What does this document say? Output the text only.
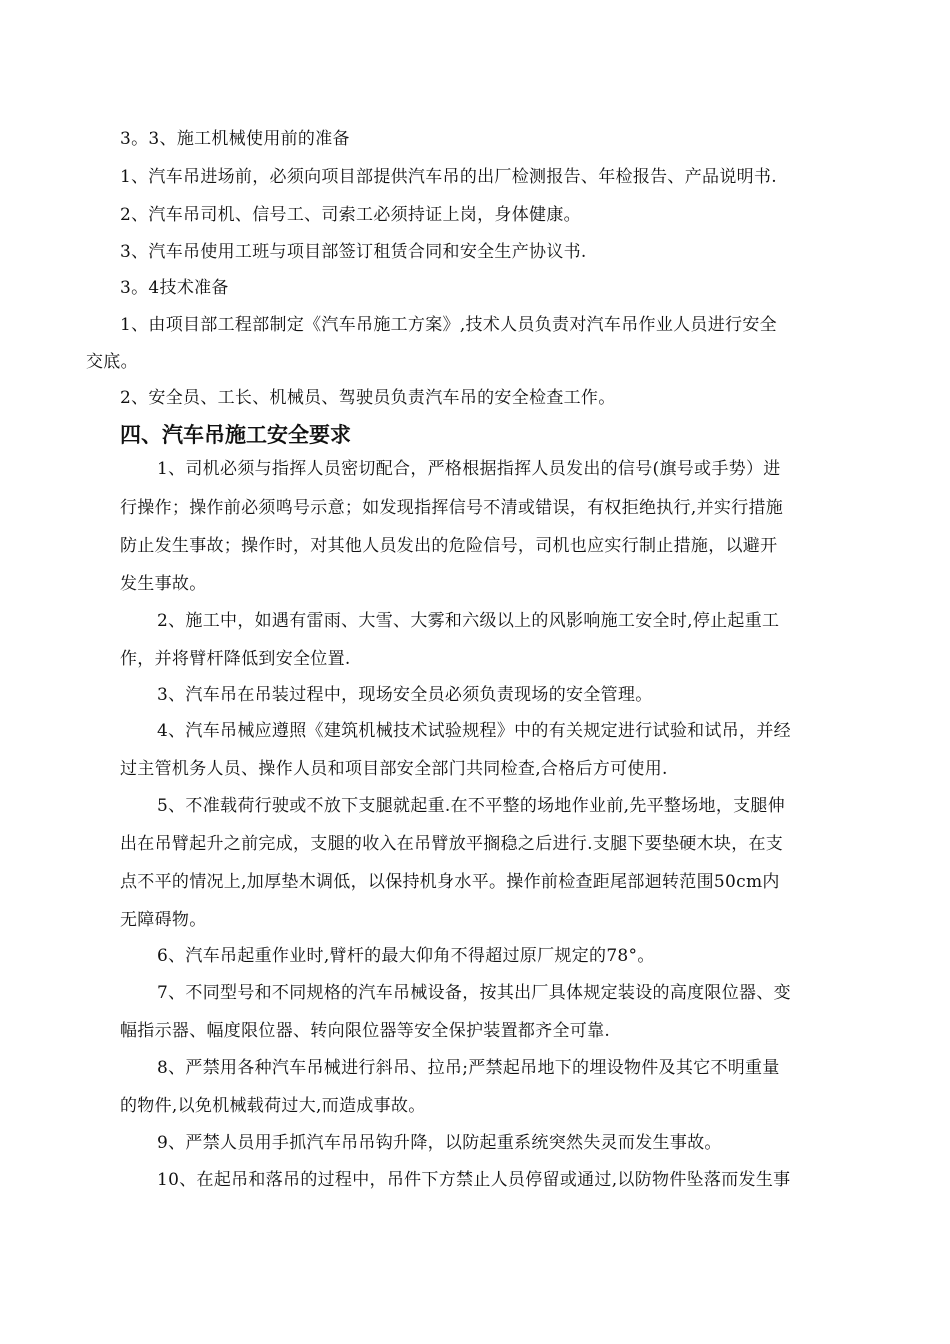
3。3、施工机械使用前的准备
1、汽车吊进场前，必须向项目部提供汽车吊的出厂检测报告、年检报告、产品说明书.
2、汽车吊司机、信号工、司索工必须持证上岗，身体健康。
3、汽车吊使用工班与项目部签订租赁合同和安全生产协议书.
3。4技术准备
1、由项目部工程部制定《汽车吊施工方案》,技术人员负责对汽车吊作业人员进行安全
交底。
2、安全员、工长、机械员、驾驶员负责汽车吊的安全检查工作。
四、汽车吊施工安全要求
1、司机必须与指挥人员密切配合，严格根据指挥人员发出的信号(旗号或手势）进
行操作；操作前必须鸣号示意；如发现指挥信号不清或错误，有权拒绝执行,并实行措施
防止发生事故；操作时，对其他人员发出的危险信号，司机也应实行制止措施，以避开
发生事故。
2、施工中，如遇有雷雨、大雪、大雾和六级以上的风影响施工安全时,停止起重工
作，并将臂杆降低到安全位置.
3、汽车吊在吊装过程中，现场安全员必须负责现场的安全管理。
4、汽车吊械应遵照《建筑机械技术试验规程》中的有关规定进行试验和试吊，并经
过主管机务人员、操作人员和项目部安全部门共同检查,合格后方可使用.
5、不准载荷行驶或不放下支腿就起重.在不平整的场地作业前,先平整场地，支腿伸
出在吊臂起升之前完成，支腿的收入在吊臂放平搁稳之后进行.支腿下要垫硬木块，在支
点不平的情况上,加厚垫木调低，以保持机身水平。操作前检查距尾部迴转范围50cm内
无障碍物。
6、汽车吊起重作业时,臂杆的最大仰角不得超过原厂规定的78°。
7、不同型号和不同规格的汽车吊械设备，按其出厂具体规定装设的高度限位器、变
幅指示器、幅度限位器、转向限位器等安全保护装置都齐全可靠.
8、严禁用各种汽车吊械进行斜吊、拉吊;严禁起吊地下的埋设物件及其它不明重量
的物件,以免机械载荷过大,而造成事故。
9、严禁人员用手抓汽车吊吊钩升降，以防起重系统突然失灵而发生事故。
10、在起吊和落吊的过程中，吊件下方禁止人员停留或通过,以防物件坠落而发生事
